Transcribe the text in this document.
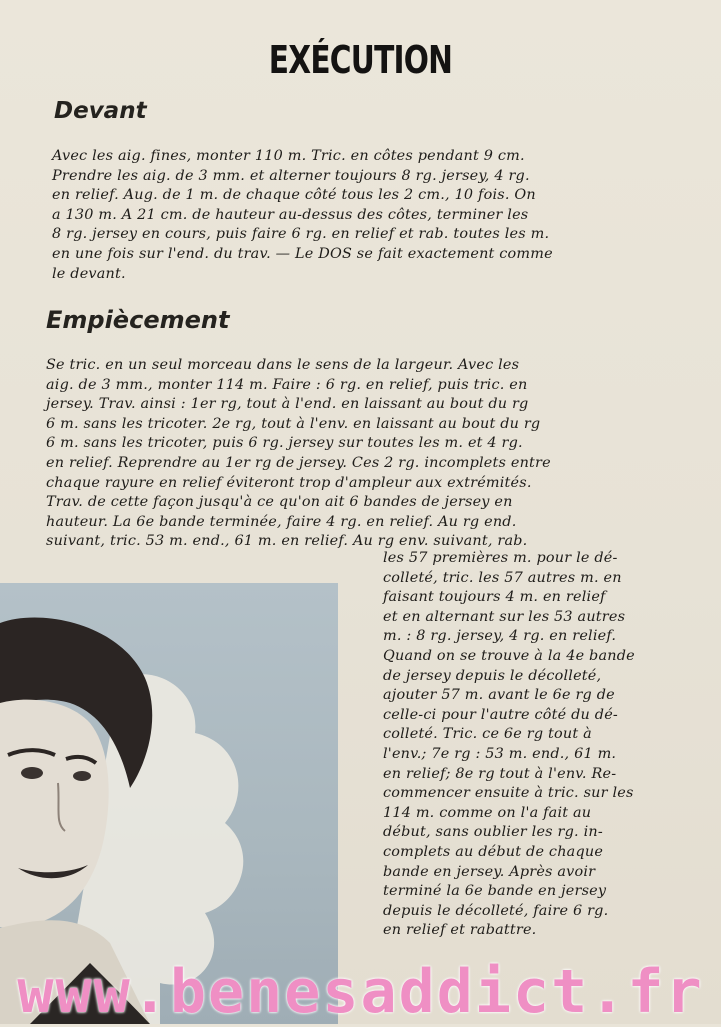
EXÉCUTION
Devant
Avec les aig. fines, monter 110 m. Tric. en côtes pendant 9 cm.
Prendre les aig. de 3 mm. et alterner toujours 8 rg. jersey, 4 rg.
en relief. Aug. de 1 m. de chaque côté tous les 2 cm., 10 fois. On
a 130 m. A 21 cm. de hauteur au-dessus des côtes, terminer les
8 rg. jersey en cours, puis faire 6 rg. en relief et rab. toutes les m.
en une fois sur l'end. du trav. — Le DOS se fait exactement comme
le devant.
Empiècement
Se tric. en un seul morceau dans le sens de la largeur. Avec les
aig. de 3 mm., monter 114 m. Faire : 6 rg. en relief, puis tric. en
jersey. Trav. ainsi : 1er rg, tout à l'end. en laissant au bout du rg
6 m. sans les tricoter. 2e rg, tout à l'env. en laissant au bout du rg
6 m. sans les tricoter, puis 6 rg. jersey sur toutes les m. et 4 rg.
en relief. Reprendre au 1er rg de jersey. Ces 2 rg. incomplets entre
chaque rayure en relief éviteront trop d'ampleur aux extrémités.
Trav. de cette façon jusqu'à ce qu'on ait 6 bandes de jersey en
hauteur. La 6e bande terminée, faire 4 rg. en relief. Au rg end.
suivant, tric. 53 m. end., 61 m. en relief. Au rg env. suivant, rab.
les 57 premières m. pour le dé-
colleté, tric. les 57 autres m. en
faisant toujours 4 m. en relief
et en alternant sur les 53 autres
m. : 8 rg. jersey, 4 rg. en relief.
Quand on se trouve à la 4e bande
de jersey depuis le décolleté,
ajouter 57 m. avant le 6e rg de
celle-ci pour l'autre côté du dé-
colleté. Tric. ce 6e rg tout à
l'env.; 7e rg : 53 m. end., 61 m.
en relief; 8e rg tout à l'env. Re-
commencer ensuite à tric. sur les
114 m. comme on l'a fait au
début, sans oublier les rg. in-
complets au début de chaque
bande en jersey. Après avoir
terminé la 6e bande en jersey
depuis le décolleté, faire 6 rg.
en relief et rabattre.
www.benesaddict.fr
